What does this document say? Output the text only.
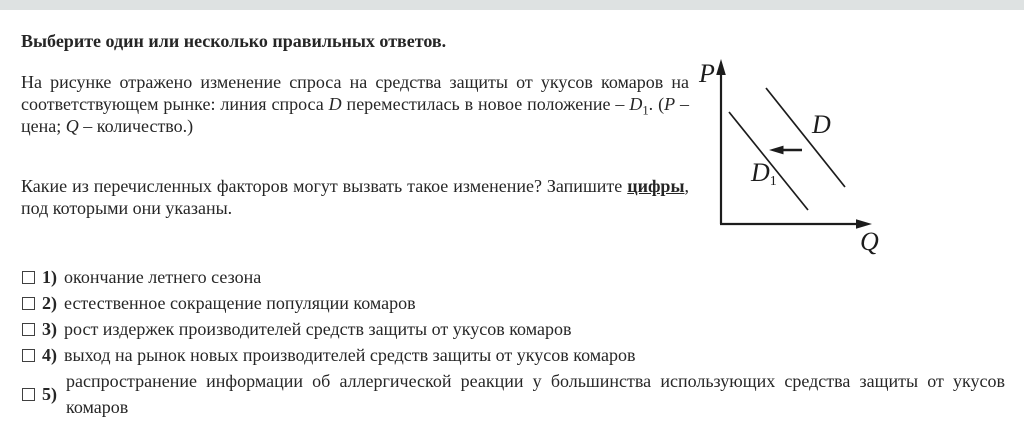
Выберите один или несколько правильных ответов.

На рисунке отражено изменение спроса на средства защиты от укусов комаров на соответствующем рынке: линия спроса D переместилась в новое положение – $D_1$. (P – цена; Q – количество.)

Какие из перечисленных факторов могут вызвать такое изменение? Запишите цифры, под которыми они указаны.

P
Q
D
D1
1) окончание летнего сезона
2) естественное сокращение популяции комаров
3) рост издержек производителей средств защиты от укусов комаров
4) выход на рынок новых производителей средств защиты от укусов комаров
5)
распространение информации об аллергической реакции у большинства использующих средства защиты от укусов комаров
